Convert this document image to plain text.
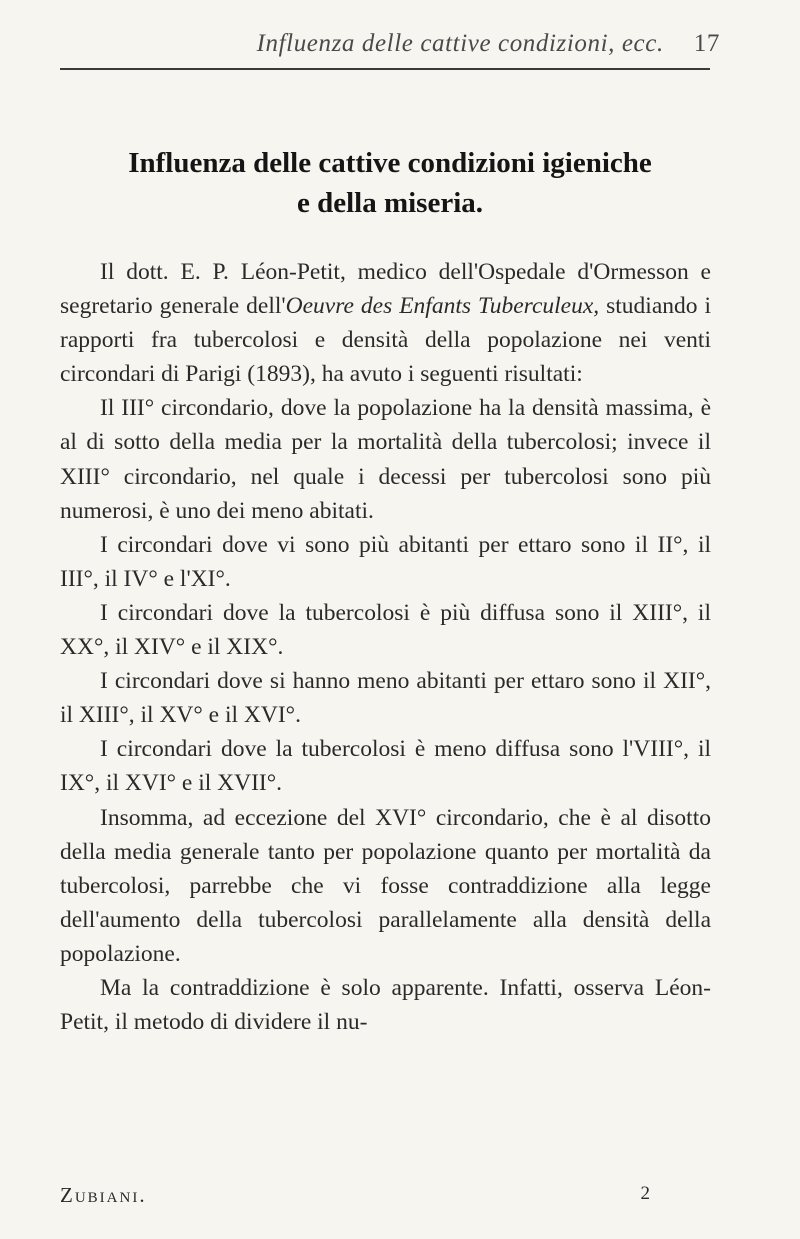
Influenza delle cattive condizioni, ecc. 17
Influenza delle cattive condizioni igieniche
e della miseria.

Il dott. E. P. Léon-Petit, medico dell'Ospedale d'Ormesson e segretario generale dell'Oeuvre des Enfants Tuberculeux, studiando i rapporti fra tubercolosi e densità della popolazione nei venti circondari di Parigi (1893), ha avuto i seguenti risultati:

Il III° circondario, dove la popolazione ha la densità massima, è al di sotto della media per la mortalità della tubercolosi; invece il XIII° circondario, nel quale i decessi per tubercolosi sono più numerosi, è uno dei meno abitati.

I circondari dove vi sono più abitanti per ettaro sono il II°, il III°, il IV° e l'XI°.

I circondari dove la tubercolosi è più diffusa sono il XIII°, il XX°, il XIV° e il XIX°.

I circondari dove si hanno meno abitanti per ettaro sono il XII°, il XIII°, il XV° e il XVI°.

I circondari dove la tubercolosi è meno diffusa sono l'VIII°, il IX°, il XVI° e il XVII°.

Insomma, ad eccezione del XVI° circondario, che è al disotto della media generale tanto per popolazione quanto per mortalità da tubercolosi, parrebbe che vi fosse contraddizione alla legge dell'aumento della tubercolosi parallelamente alla densità della popolazione.

Ma la contraddizione è solo apparente. Infatti, osserva Léon-Petit, il metodo di dividere il nu-

Zubiani.	2
